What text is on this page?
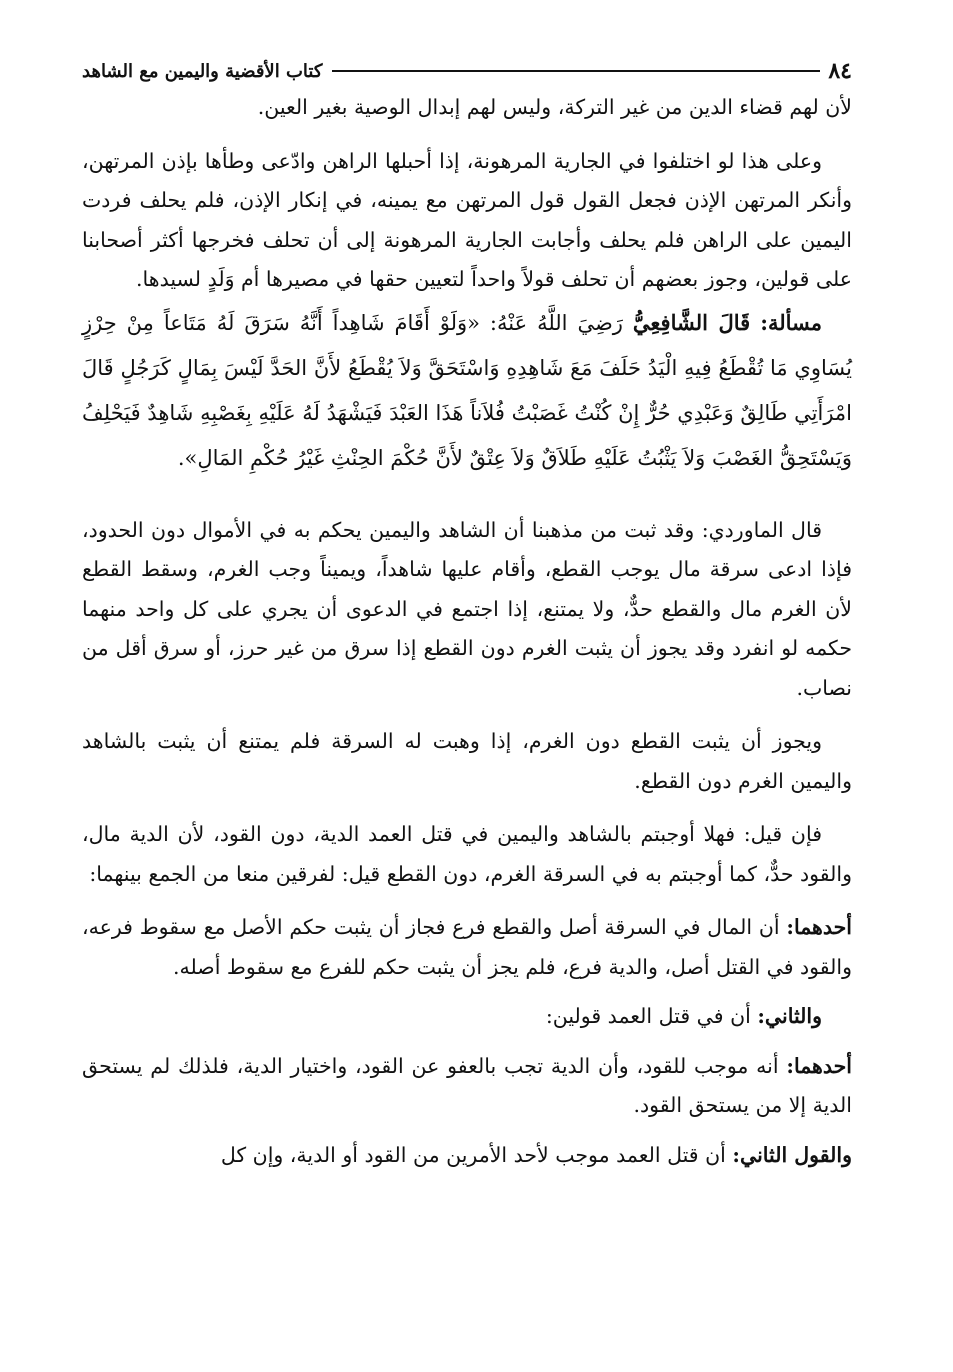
٨٤
كتاب الأقضية واليمين مع الشاهد

لأن لهم قضاء الدين من غير التركة، وليس لهم إبدال الوصية بغير العين.

وعلى هذا لو اختلفوا في الجارية المرهونة، إذا أحبلها الراهن وادّعى وطأها بإذن المرتهن، وأنكر المرتهن الإذن فجعل القول قول المرتهن مع يمينه، في إنكار الإذن، فلم يحلف فردت اليمين على الراهن فلم يحلف وأجابت الجارية المرهونة إلى أن تحلف فخرجها أكثر أصحابنا على قولين، وجوز بعضهم أن تحلف قولاً واحداً لتعيين حقها في مصيرها أم وَلَدٍ لسيدها.

مسألة: قَالَ الشَّافِعِيُّ رَضِيَ اللَّهُ عَنْهُ: «وَلَوْ أَقَامَ شَاهِداً أَنَّهُ سَرَقَ لَهُ مَتَاعاً مِنْ حِرْزٍ يُسَاوِي مَا تُقْطَعُ فِيهِ الْيَدُ حَلَفَ مَعَ شَاهِدِهِ وَاسْتَحَقَّ وَلاَ يُقْطَعُ لأَنَّ الحَدَّ لَيْسَ بِمَالٍ كَرَجُلٍ قَالَ امْرَأَتِي طَالِقٌ وَعَبْدِي حُرٌّ إِنْ كُنْتُ غَصَبْتُ فُلاَناً هَذَا العَبْدَ فَيَشْهَدُ لَهُ عَلَيْهِ بِغَصْبِهِ شَاهِدٌ فَيَحْلِفُ وَيَسْتَحِقُّ الغَصْبَ وَلاَ يَثْبُتُ عَلَيْهِ طَلاَقٌ وَلاَ عِتْقٌ لأَنَّ حُكْمَ الحِنْثِ غَيْرُ حُكْمِ المَالِ».

قال الماوردي: وقد ثبت من مذهبنا أن الشاهد واليمين يحكم به في الأموال دون الحدود، فإذا ادعى سرقة مال يوجب القطع، وأقام عليها شاهداً، ويميناً وجب الغرم، وسقط القطع لأن الغرم مال والقطع حدٌّ، ولا يمتنع، إذا اجتمع في الدعوى أن يجري على كل واحد منهما حكمه لو انفرد وقد يجوز أن يثبت الغرم دون القطع إذا سرق من غير حرز، أو سرق أقل من نصاب.

ويجوز أن يثبت القطع دون الغرم، إذا وهبت له السرقة فلم يمتنع أن يثبت بالشاهد واليمين الغرم دون القطع.

فإن قيل: فهلا أوجبتم بالشاهد واليمين في قتل العمد الدية، دون القود، لأن الدية مال، والقود حدٌّ، كما أوجبتم به في السرقة الغرم، دون القطع قيل: لفرقين منعا من الجمع بينهما:

أحدهما: أن المال في السرقة أصل والقطع فرع فجاز أن يثبت حكم الأصل مع سقوط فرعه، والقود في القتل أصل، والدية فرع، فلم يجز أن يثبت حكم للفرع مع سقوط أصله.

والثاني: أن في قتل العمد قولين:

أحدهما: أنه موجب للقود، وأن الدية تجب بالعفو عن القود، واختيار الدية، فلذلك لم يستحق الدية إلا من يستحق القود.

والقول الثاني: أن قتل العمد موجب لأحد الأمرين من القود أو الدية، وإن كل
